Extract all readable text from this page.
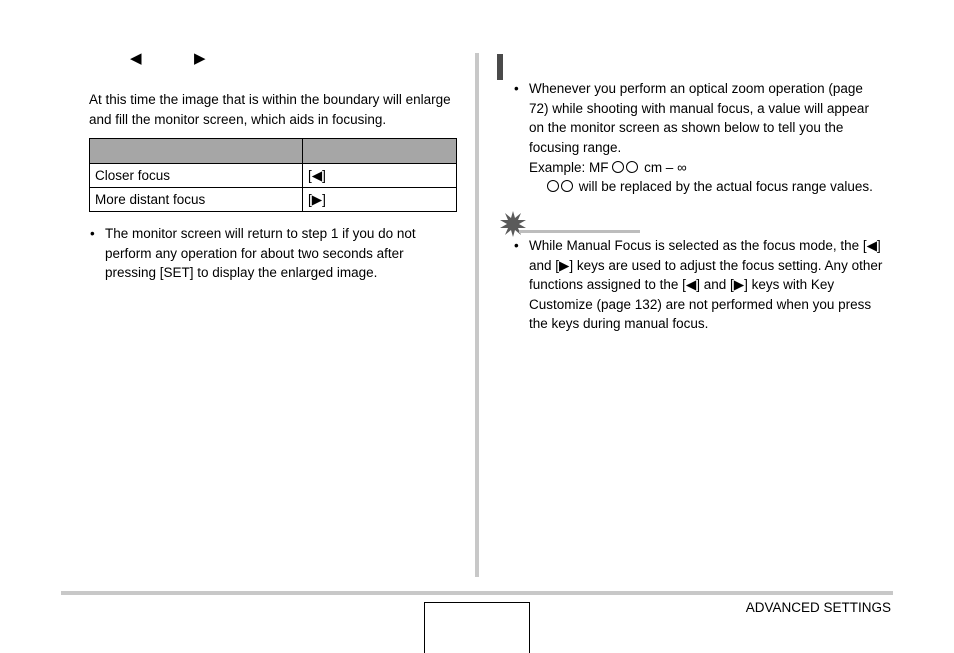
◀	▶
At this time the image that is within the boundary will enlarge and fill the monitor screen, which aids in focusing.

Closer focus	[◀]
More distant focus	[▶]
• The monitor screen will return to step 1 if you do not perform any operation for about two seconds after pressing [SET] to display the enlarged image.
• Whenever you perform an optical zoom operation (page 72) while shooting with manual focus, a value will appear on the monitor screen as shown below to tell you the focusing range.
Example: MF	cm – ∞
will be replaced by the actual focus range values.
• While Manual Focus is selected as the focus mode, the [◀] and [▶] keys are used to adjust the focus setting. Any other functions assigned to the [◀] and [▶] keys with Key Customize (page 132) are not performed when you press the keys during manual focus.
ADVANCED SETTINGS
